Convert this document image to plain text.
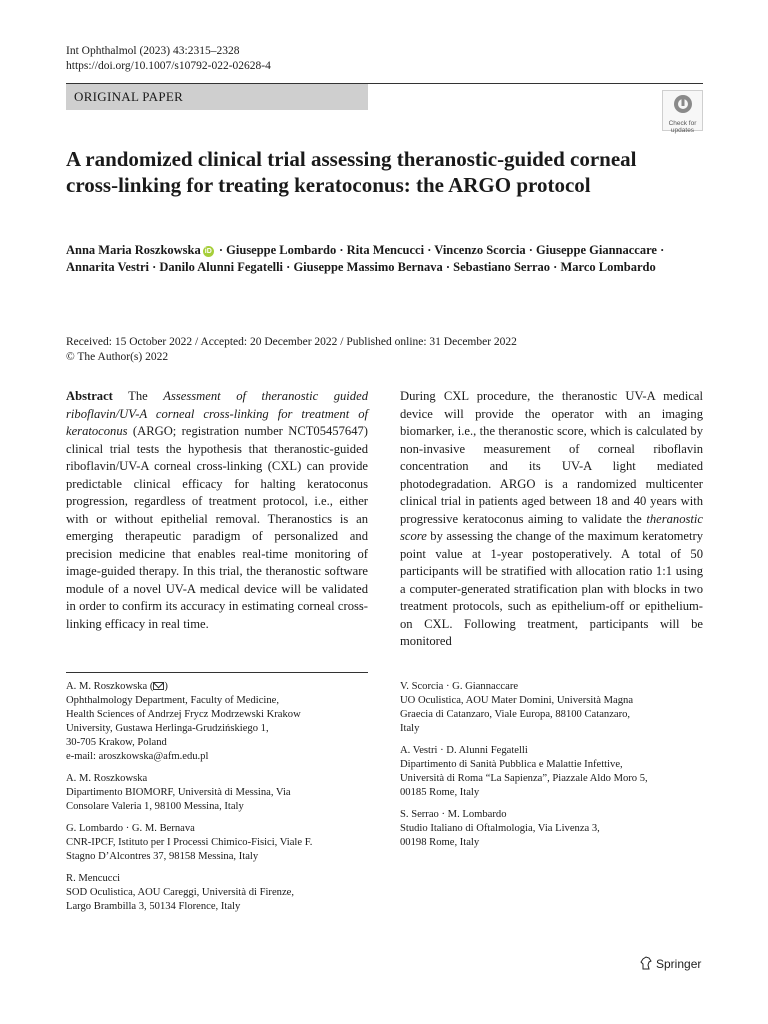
Int Ophthalmol (2023) 43:2315–2328
https://doi.org/10.1007/s10792-022-02628-4
ORIGINAL PAPER
Check for
updates
A randomized clinical trial assessing theranostic-guided corneal cross-linking for treating keratoconus: the ARGO protocol
Anna Maria Roszkowska iD · Giuseppe Lombardo · Rita Mencucci · Vincenzo Scorcia · Giuseppe Giannaccare · Annarita Vestri · Danilo Alunni Fegatelli · Giuseppe Massimo Bernava · Sebastiano Serrao · Marco Lombardo
Received: 15 October 2022 / Accepted: 20 December 2022 / Published online: 31 December 2022
© The Author(s) 2022
Abstract The Assessment of theranostic guided riboflavin/UV-A corneal cross-linking for treatment of keratoconus (ARGO; registration number NCT05457647) clinical trial tests the hypothesis that theranostic-guided riboflavin/UV-A corneal cross-linking (CXL) can provide predictable clinical efficacy for halting keratoconus progression, regardless of treatment protocol, i.e., either with or without epithelial removal. Theranostics is an emerging therapeutic paradigm of personalized and precision medicine that enables real-time monitoring of image-guided therapy. In this trial, the theranostic software module of a novel UV-A medical device will be validated in order to confirm its accuracy in estimating corneal cross-linking efficacy in real time.
During CXL procedure, the theranostic UV-A medical device will provide the operator with an imaging biomarker, i.e., the theranostic score, which is calculated by non-invasive measurement of corneal riboflavin concentration and its UV-A light mediated photodegradation. ARGO is a randomized multicenter clinical trial in patients aged between 18 and 40 years with progressive keratoconus aiming to validate the theranostic score by assessing the change of the maximum keratometry point value at 1-year postoperatively. A total of 50 participants will be stratified with allocation ratio 1:1 using a computer-generated stratification plan with blocks in two treatment protocols, such as epithelium-off or epithelium-on CXL. Following treatment, participants will be monitored
A. M. Roszkowska ( )
Ophthalmology Department, Faculty of Medicine,
Health Sciences of Andrzej Frycz Modrzewski Krakow
University, Gustawa Herlinga-Grudzińskiego 1,
30-705 Krakow, Poland
e-mail: aroszkowska@afm.edu.pl
A. M. Roszkowska
Dipartimento BIOMORF, Università di Messina, Via
Consolare Valeria 1, 98100 Messina, Italy
G. Lombardo · G. M. Bernava
CNR-IPCF, Istituto per I Processi Chimico-Fisici, Viale F.
Stagno D’Alcontres 37, 98158 Messina, Italy
R. Mencucci
SOD Oculistica, AOU Careggi, Università di Firenze,
Largo Brambilla 3, 50134 Florence, Italy
V. Scorcia · G. Giannaccare
UO Oculistica, AOU Mater Domini, Università Magna
Graecia di Catanzaro, Viale Europa, 88100 Catanzaro,
Italy
A. Vestri · D. Alunni Fegatelli
Dipartimento di Sanità Pubblica e Malattie Infettive,
Università di Roma “La Sapienza”, Piazzale Aldo Moro 5,
00185 Rome, Italy
S. Serrao · M. Lombardo
Studio Italiano di Oftalmologia, Via Livenza 3,
00198 Rome, Italy
Springer
